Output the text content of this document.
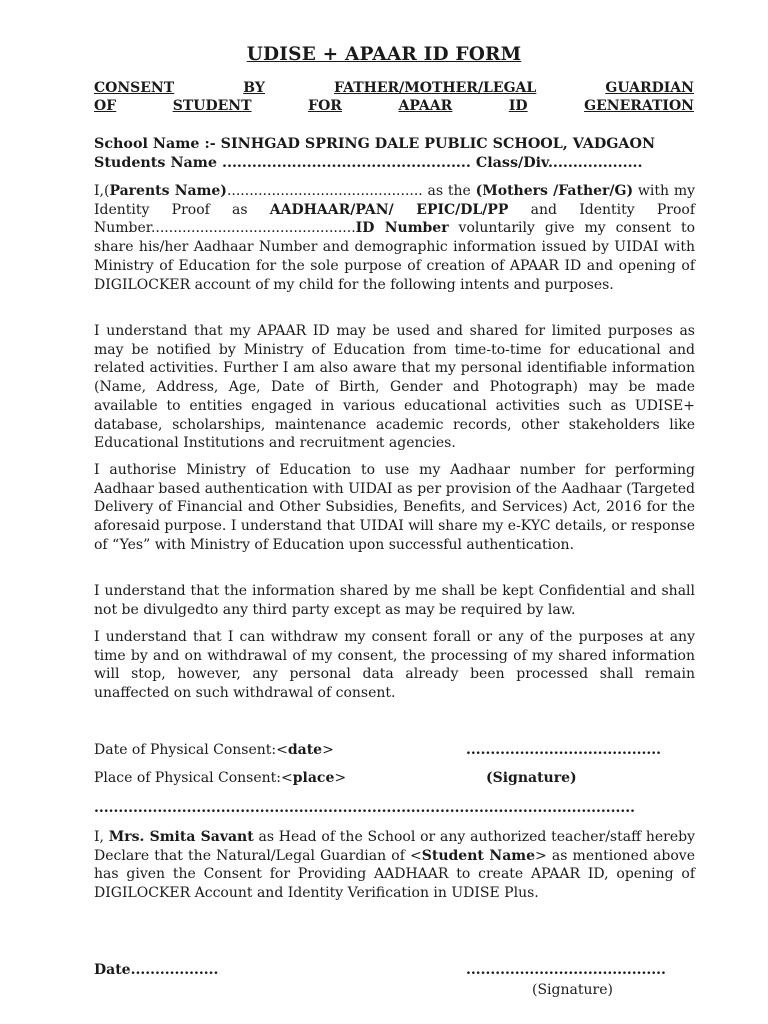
UDISE + APAAR ID FORM
CONSENT	BY	FATHER/MOTHER/LEGAL	GUARDIAN
OF	STUDENT	FOR	APAAR	ID	GENERATION
School Name :- SINHGAD SPRING DALE PUBLIC SCHOOL, VADGAON
Students Name .................................................. Class/Div...................
I,(Parents Name)............................................ as the (Mothers /Father/G) with my Identity Proof as AADHAAR/PAN/ EPIC/DL/PP and Identity Proof Number..............................................ID Number voluntarily give my consent to share his/her Aadhaar Number and demographic information issued by UIDAI with Ministry of Education for the sole purpose of creation of APAAR ID and opening of DIGILOCKER account of my child for the following intents and purposes.
I understand that my APAAR ID may be used and shared for limited purposes as may be notified by Ministry of Education from time-to-time for educational and related activities. Further I am also aware that my personal identifiable information (Name, Address, Age, Date of Birth, Gender and Photograph) may be made available to entities engaged in various educational activities such as UDISE+ database, scholarships, maintenance academic records, other stakeholders like Educational Institutions and recruitment agencies.
I authorise Ministry of Education to use my Aadhaar number for performing Aadhaar based authentication with UIDAI as per provision of the Aadhaar (Targeted Delivery of Financial and Other Subsidies, Benefits, and Services) Act, 2016 for the aforesaid purpose. I understand that UIDAI will share my e-KYC details, or response of “Yes” with Ministry of Education upon successful authentication.
I understand that the information shared by me shall be kept Confidential and shall not be divulgedto any third party except as may be required by law.
I understand that I can withdraw my consent forall or any of the purposes at any time by and on withdrawal of my consent, the processing of my shared information will stop, however, any personal data already been processed shall remain unaffected on such withdrawal of consent.
Date of Physical Consent:<date>	........................................
Place of Physical Consent:<place>	(Signature)
...............................................................................................................
I, Mrs. Smita Savant as Head of the School or any authorized teacher/staff hereby Declare that the Natural/Legal Guardian of <Student Name> as mentioned above has given the Consent for Providing AADHAAR to create APAAR ID, opening of DIGILOCKER Account and Identity Verification in UDISE Plus.
Date..................	.........................................
(Signature)
